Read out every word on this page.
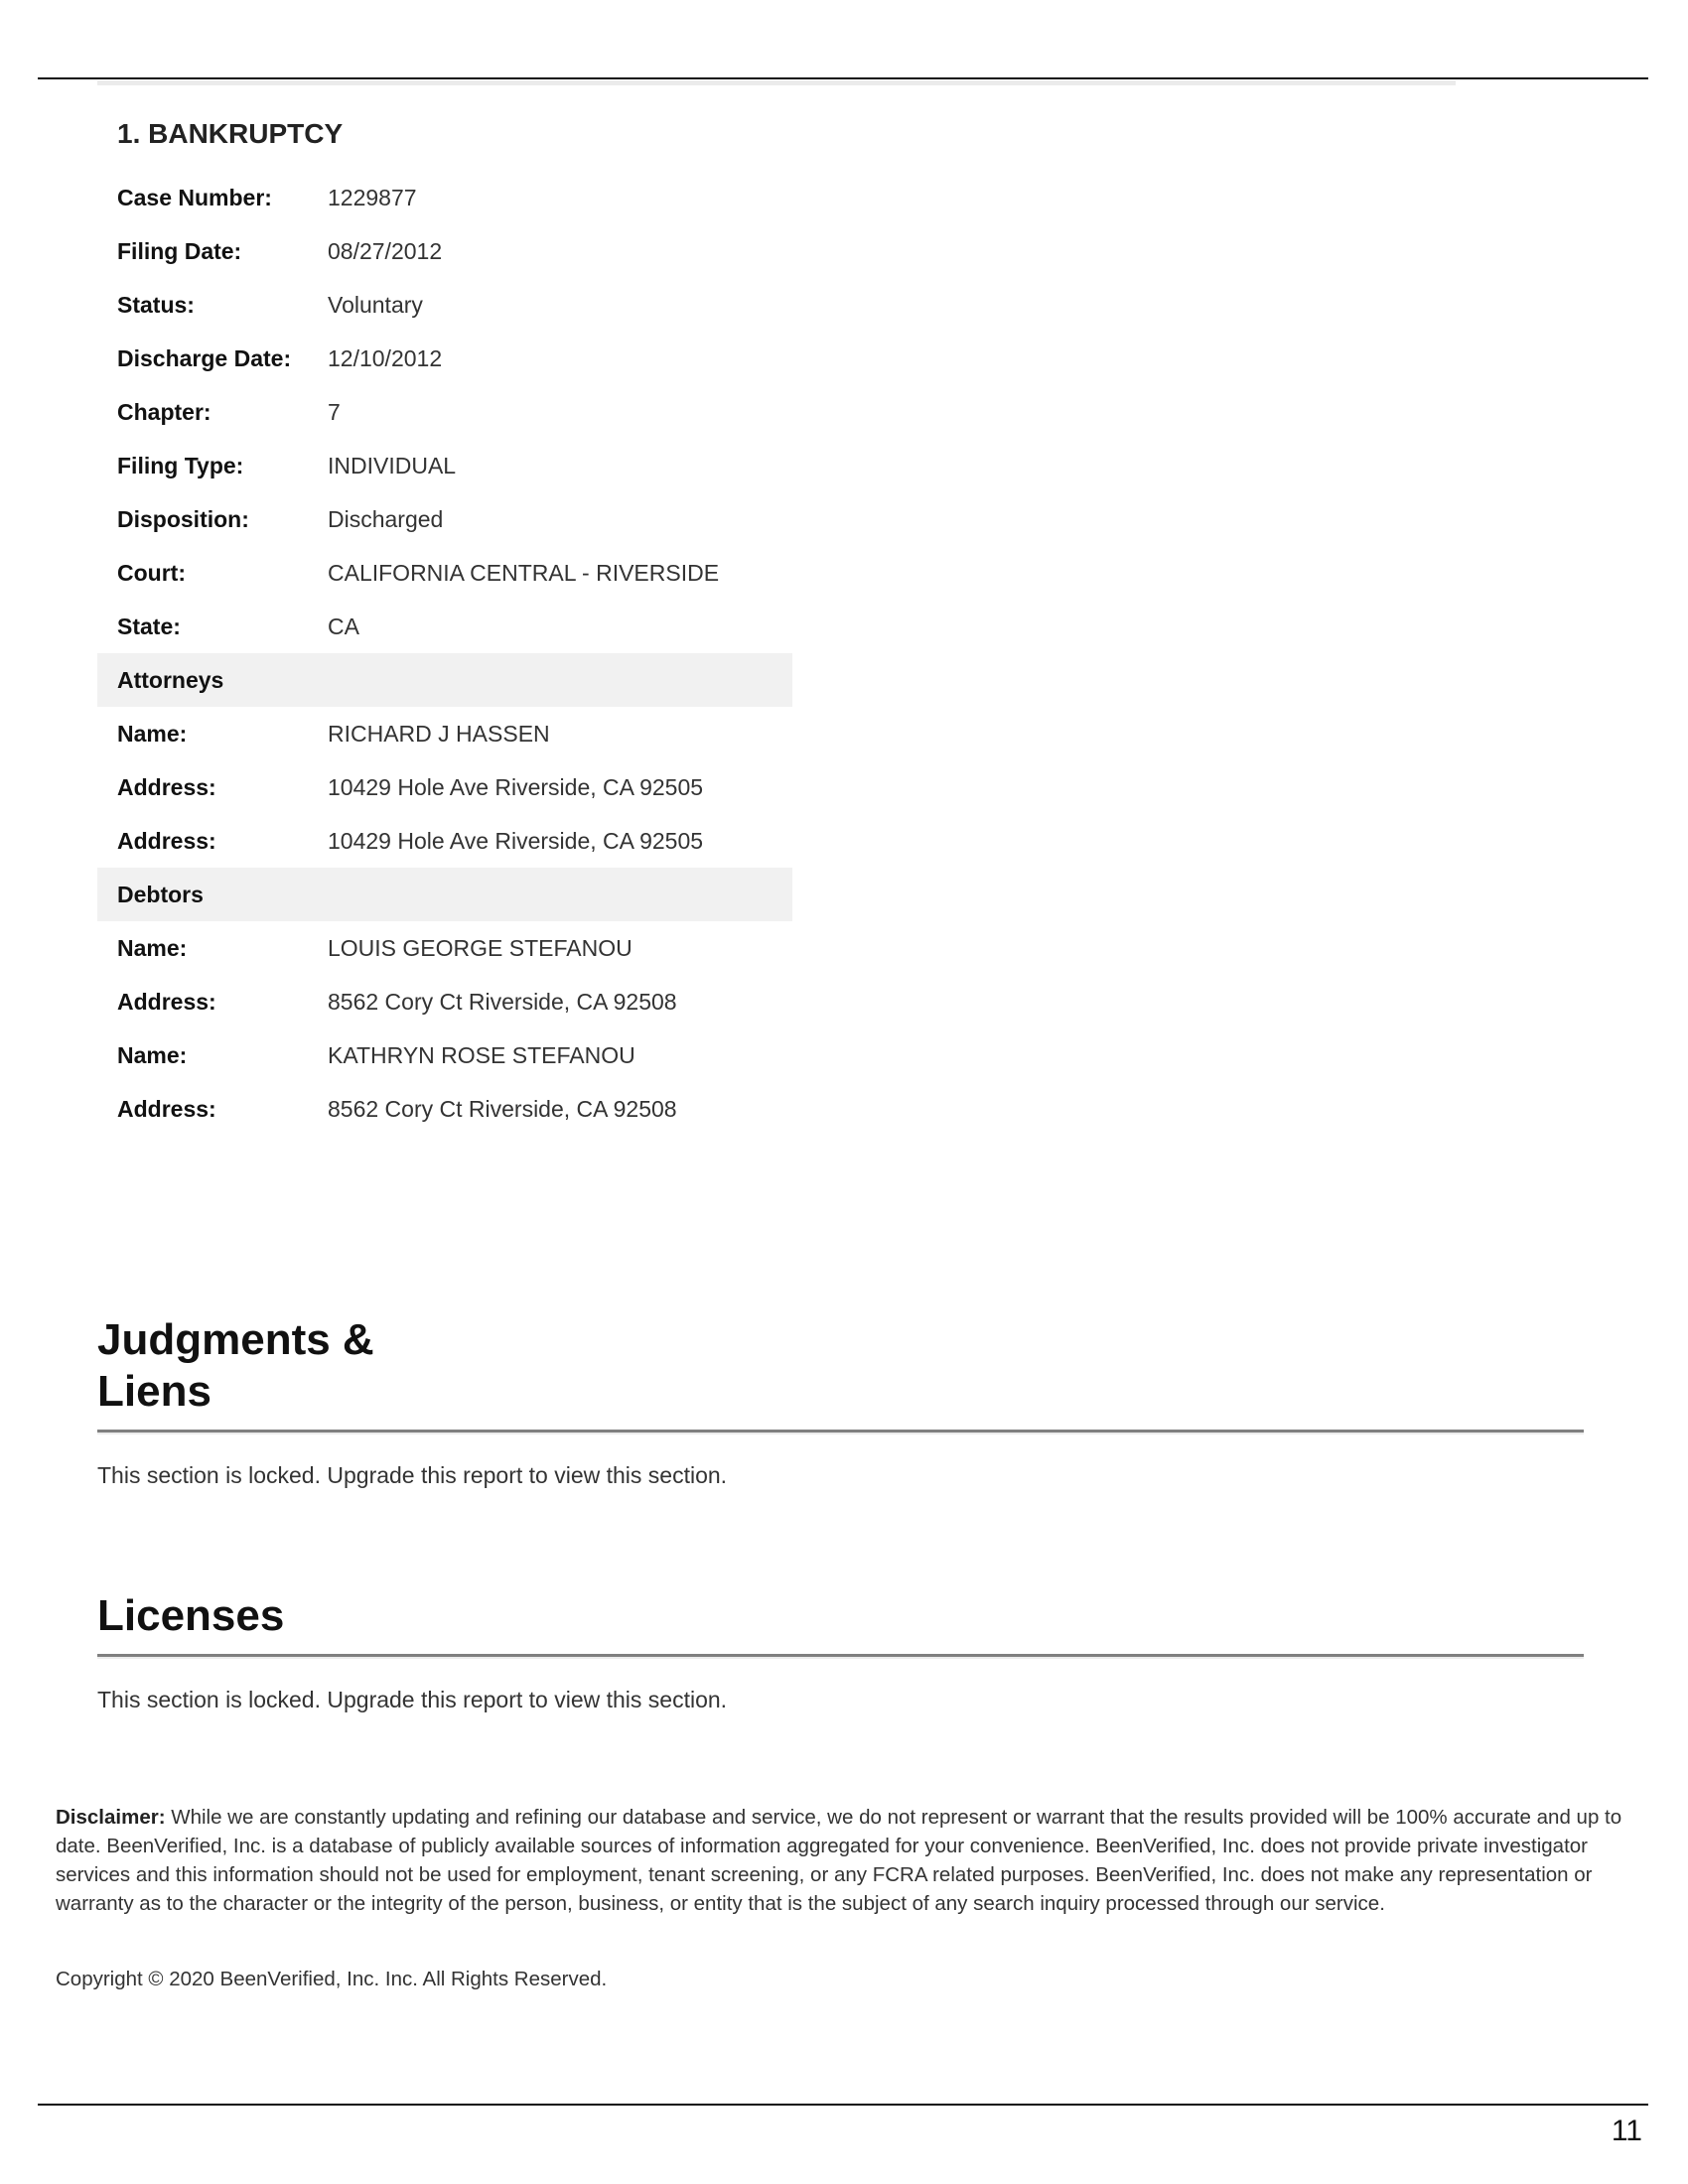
1. BANKRUPTCY
Case Number:	1229877
Filing Date:	08/27/2012
Status:	Voluntary
Discharge Date:	12/10/2012
Chapter:	7
Filing Type:	INDIVIDUAL
Disposition:	Discharged
Court:	CALIFORNIA CENTRAL - RIVERSIDE
State:	CA
Attorneys
Name:	RICHARD J HASSEN
Address:	10429 Hole Ave Riverside, CA 92505
Address:	10429 Hole Ave Riverside, CA 92505
Debtors
Name:	LOUIS GEORGE STEFANOU
Address:	8562 Cory Ct Riverside, CA 92508
Name:	KATHRYN ROSE STEFANOU
Address:	8562 Cory Ct Riverside, CA 92508
Judgments &
Liens
This section is locked. Upgrade this report to view this section.
Licenses
This section is locked. Upgrade this report to view this section.
Disclaimer: While we are constantly updating and refining our database and service, we do not represent or warrant that the results provided will be 100% accurate and up to date. BeenVerified, Inc. is a database of publicly available sources of information aggregated for your convenience. BeenVerified, Inc. does not provide private investigator services and this information should not be used for employment, tenant screening, or any FCRA related purposes. BeenVerified, Inc. does not make any representation or warranty as to the character or the integrity of the person, business, or entity that is the subject of any search inquiry processed through our service.
Copyright © 2020 BeenVerified, Inc. Inc. All Rights Reserved.
11
